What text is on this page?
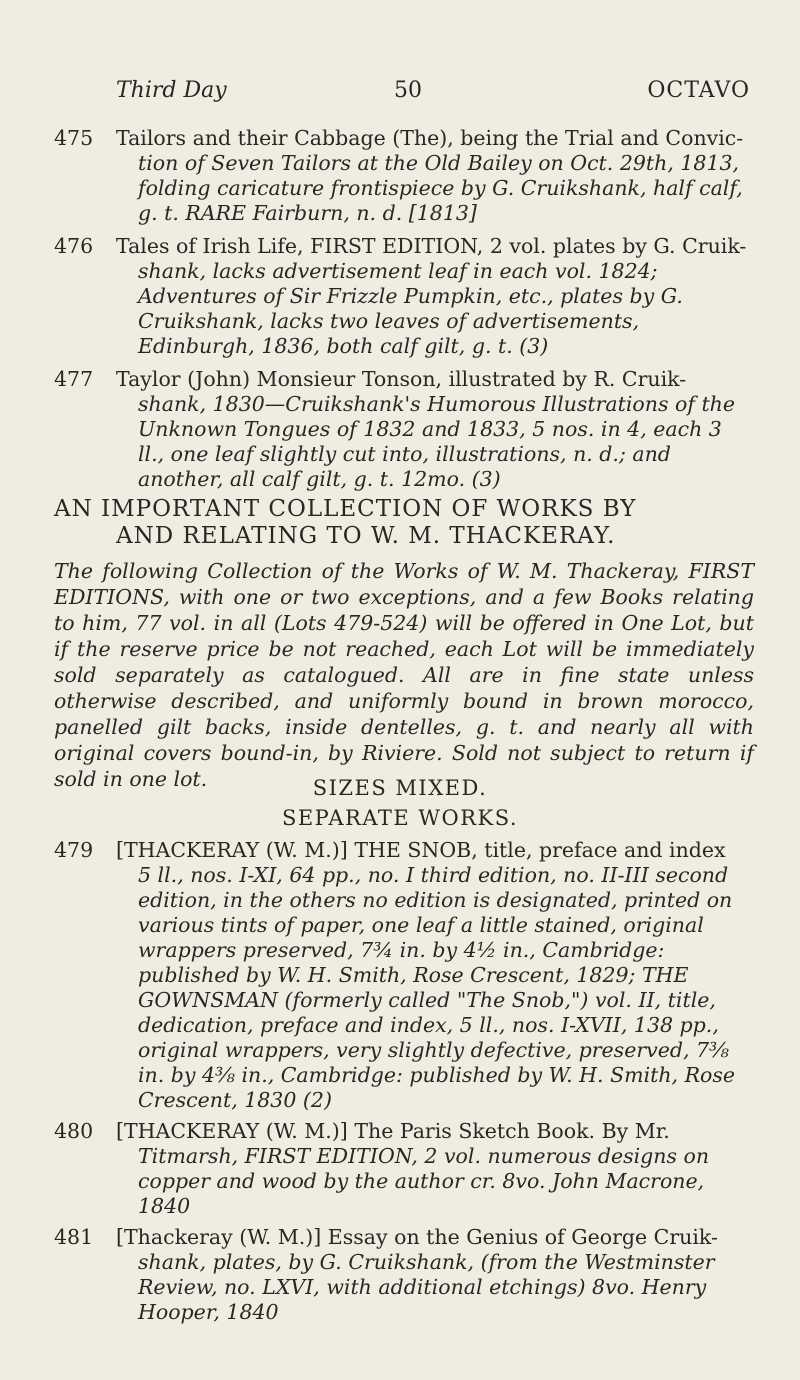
Third Day	50	OCTAVO
475 Tailors and their Cabbage (The), being the Trial and Convic-
tion of Seven Tailors at the Old Bailey on Oct. 29th, 1813, folding caricature frontispiece by G. Cruikshank, half calf, g. t. RARE Fairburn, n. d. [1813]
476 Tales of Irish Life, FIRST EDITION, 2 vol. plates by G. Cruik-
shank, lacks advertisement leaf in each vol. 1824; Adventures of Sir Frizzle Pumpkin, etc., plates by G. Cruikshank, lacks two leaves of advertisements, Edinburgh, 1836, both calf gilt, g. t. (3)
477 Taylor (John) Monsieur Tonson, illustrated by R. Cruik-
shank, 1830—Cruikshank's Humorous Illustrations of the Unknown Tongues of 1832 and 1833, 5 nos. in 4, each 3 ll., one leaf slightly cut into, illustrations, n. d.; and another, all calf gilt, g. t. 12mo. (3)
AN IMPORTANT COLLECTION OF WORKS BY
AND RELATING TO W. M. THACKERAY.
The following Collection of the Works of W. M. Thackeray, FIRST EDITIONS, with one or two exceptions, and a few Books relating to him, 77 vol. in all (Lots 479-524) will be offered in One Lot, but if the reserve price be not reached, each Lot will be immediately sold separately as catalogued. All are in fine state unless otherwise described, and uniformly bound in brown morocco, panelled gilt backs, inside dentelles, g. t. and nearly all with original covers bound-in, by Riviere. Sold not subject to return if sold in one lot.	SIZES MIXED.
SEPARATE WORKS.
479 [THACKERAY (W. M.)] THE SNOB, title, preface and index
5 ll., nos. I-XI, 64 pp., no. I third edition, no. II-III second edition, in the others no edition is designated, printed on various tints of paper, one leaf a little stained, original wrappers preserved, 7¾ in. by 4½ in., Cambridge: published by W. H. Smith, Rose Crescent, 1829; THE GOWNSMAN (formerly called "The Snob,") vol. II, title, dedication, preface and index, 5 ll., nos. I-XVII, 138 pp., original wrappers, very slightly defective, preserved, 7⅜ in. by 4⅜ in., Cambridge: published by W. H. Smith, Rose Crescent, 1830 (2)
480 [THACKERAY (W. M.)] The Paris Sketch Book. By Mr.
Titmarsh, FIRST EDITION, 2 vol. numerous designs on copper and wood by the author cr. 8vo. John Macrone, 1840
481 [Thackeray (W. M.)] Essay on the Genius of George Cruik-
shank, plates, by G. Cruikshank, (from the Westminster Review, no. LXVI, with additional etchings) 8vo. Henry Hooper, 1840
